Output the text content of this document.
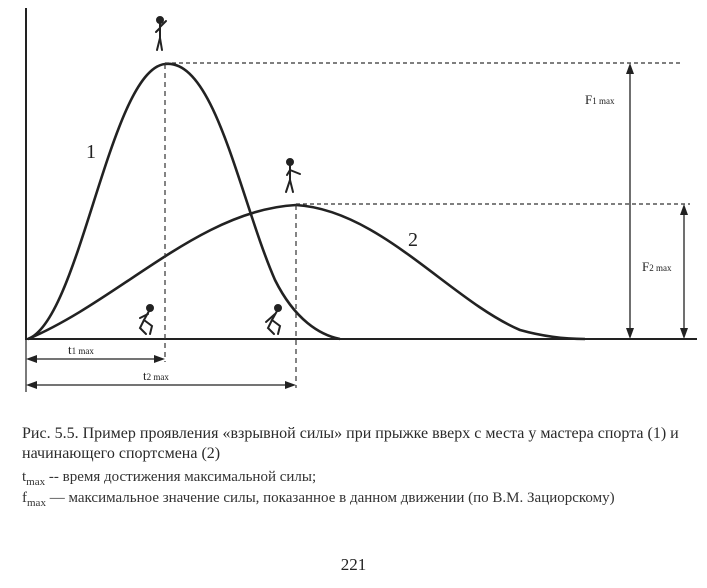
1
2
F1 max
F2 max
t1 max
t2 max
Рис. 5.5. Пример проявления «взрывной силы» при прыжке вверх с места у мастера спорта (1) и начинающего спортсмена (2)
$t_{max}$ -- время достижения максимальной силы;
$f_{max}$ — максимальное значение силы, показанное в данном движении (по В.М. Зациорскому)
221
